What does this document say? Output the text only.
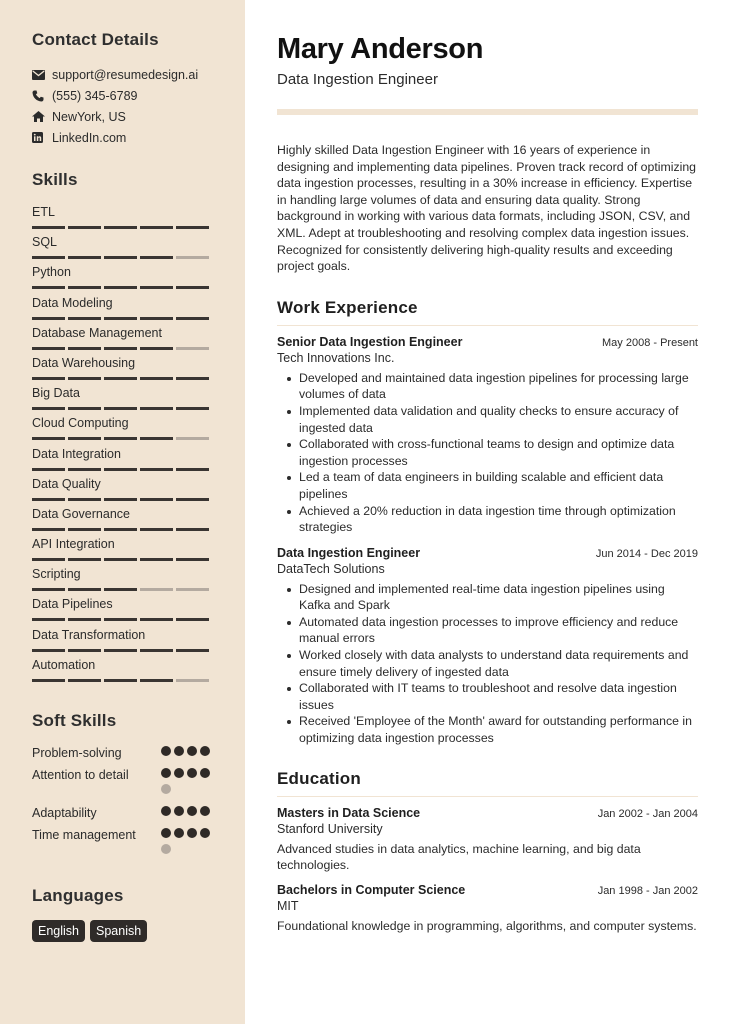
Contact Details
support@resumedesign.ai
(555) 345-6789
NewYork, US
LinkedIn.com
Skills
ETL
SQL
Python
Data Modeling
Database Management
Data Warehousing
Big Data
Cloud Computing
Data Integration
Data Quality
Data Governance
API Integration
Scripting
Data Pipelines
Data Transformation
Automation
Soft Skills
Problem-solving
Attention to detail
Adaptability
Time management
Languages
English	Spanish
Mary Anderson
Data Ingestion Engineer

Highly skilled Data Ingestion Engineer with 16 years of experience in designing and implementing data pipelines. Proven track record of optimizing data ingestion processes, resulting in a 30% increase in efficiency. Expertise in handling large volumes of data and ensuring data quality. Strong background in working with various data formats, including JSON, CSV, and XML. Adept at troubleshooting and resolving complex data ingestion issues. Recognized for consistently delivering high-quality results and exceeding project goals.

Work Experience
Senior Data Ingestion Engineer	May 2008 - Present
Tech Innovations Inc.
Developed and maintained data ingestion pipelines for processing large volumes of data
Implemented data validation and quality checks to ensure accuracy of ingested data
Collaborated with cross-functional teams to design and optimize data ingestion processes
Led a team of data engineers in building scalable and efficient data pipelines
Achieved a 20% reduction in data ingestion time through optimization strategies
Data Ingestion Engineer	Jun 2014 - Dec 2019
DataTech Solutions
Designed and implemented real-time data ingestion pipelines using Kafka and Spark
Automated data ingestion processes to improve efficiency and reduce manual errors
Worked closely with data analysts to understand data requirements and ensure timely delivery of ingested data
Collaborated with IT teams to troubleshoot and resolve data ingestion issues
Received 'Employee of the Month' award for outstanding performance in optimizing data ingestion processes
Education
Masters in Data Science	Jan 2002 - Jan 2004
Stanford University

Advanced studies in data analytics, machine learning, and big data technologies.

Bachelors in Computer Science	Jan 1998 - Jan 2002
MIT

Foundational knowledge in programming, algorithms, and computer systems.
